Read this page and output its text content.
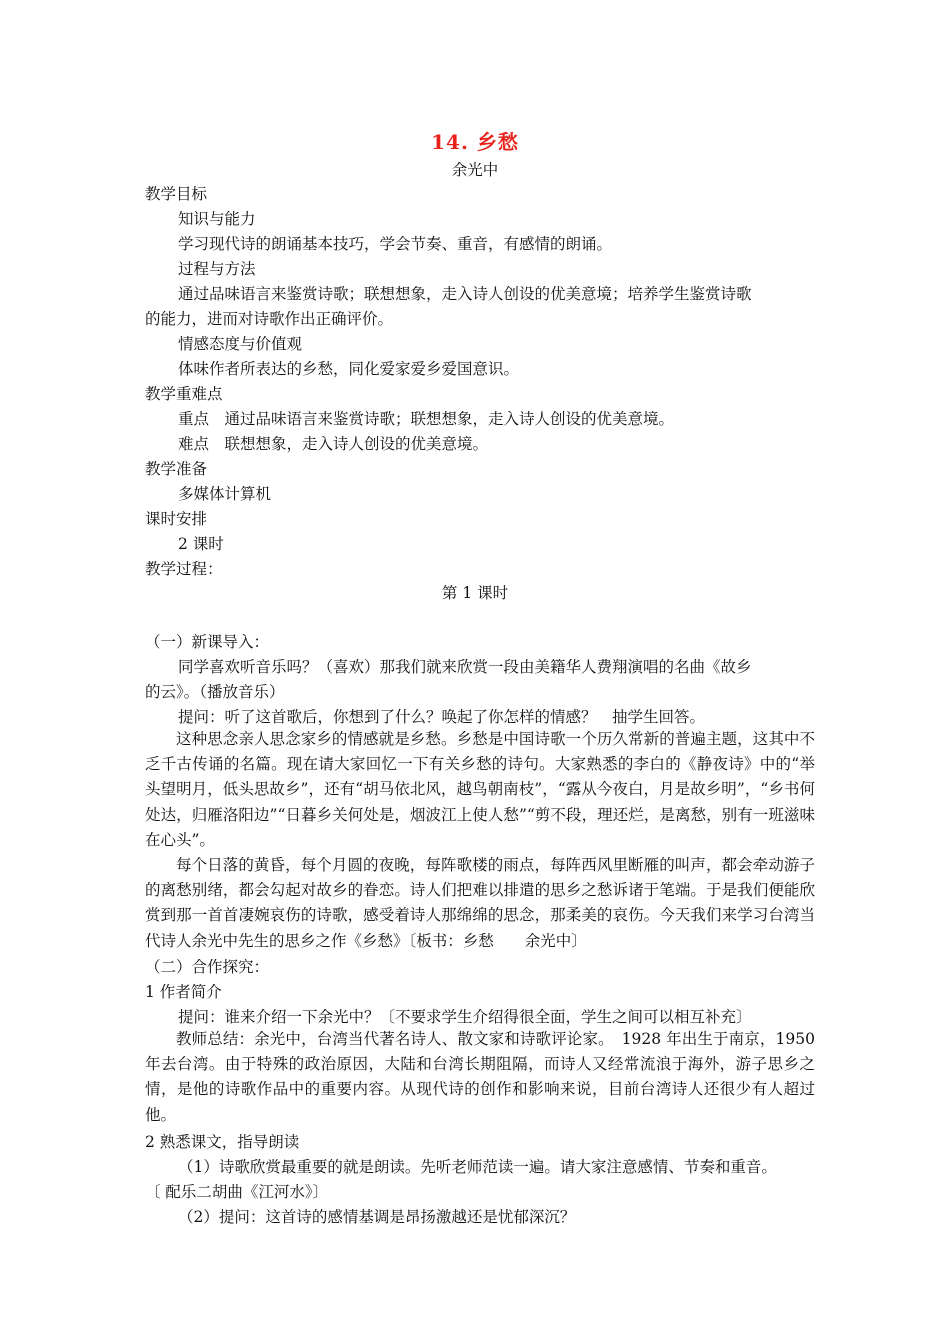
14. 乡愁
余光中
教学目标
知识与能力
学习现代诗的朗诵基本技巧，学会节奏、重音，有感情的朗诵。
过程与方法
通过品味语言来鉴赏诗歌；联想想象，走入诗人创设的优美意境；培养学生鉴赏诗歌
的能力，进而对诗歌作出正确评价。
情感态度与价值观
体味作者所表达的乡愁，同化爱家爱乡爱国意识。
教学重难点
重点　通过品味语言来鉴赏诗歌；联想想象，走入诗人创设的优美意境。
难点　联想想象，走入诗人创设的优美意境。
教学准备
多媒体计算机
课时安排
2 课时
教学过程：
第 1 课时
（一）新课导入：
同学喜欢听音乐吗？（喜欢）那我们就来欣赏一段由美籍华人费翔演唱的名曲《故乡
的云》。（播放音乐）
提问：听了这首歌后，你想到了什么？唤起了你怎样的情感？　抽学生回答。
这种思念亲人思念家乡的情感就是乡愁。乡愁是中国诗歌一个历久常新的普遍主题，这其中不乏千古传诵的名篇。现在请大家回忆一下有关乡愁的诗句。大家熟悉的李白的《静夜诗》中的“举头望明月，低头思故乡”，还有“胡马依北风，越鸟朝南枝”，“露从今夜白，月是故乡明”，“乡书何处达，归雁洛阳边”“日暮乡关何处是，烟波江上使人愁”“剪不段，理还烂，是离愁，别有一班滋味在心头”。
每个日落的黄昏，每个月圆的夜晚，每阵歌楼的雨点，每阵西风里断雁的叫声，都会牵动游子的离愁别绪，都会勾起对故乡的眷恋。诗人们把难以排遣的思乡之愁诉诸于笔端。于是我们便能欣赏到那一首首凄婉哀伤的诗歌，感受着诗人那绵绵的思念，那柔美的哀伤。今天我们来学习台湾当代诗人余光中先生的思乡之作《乡愁》〔板书：乡愁　　余光中〕
（二）合作探究：
1 作者简介
提问：谁来介绍一下余光中？〔不要求学生介绍得很全面，学生之间可以相互补充〕
教师总结：余光中，台湾当代著名诗人、散文家和诗歌评论家。　1928 年出生于南京，1950 年去台湾。由于特殊的政治原因，大陆和台湾长期阻隔，而诗人又经常流浪于海外，游子思乡之情，是他的诗歌作品中的重要内容。从现代诗的创作和影响来说，目前台湾诗人还很少有人超过他。
2 熟悉课文，指导朗读
（1）诗歌欣赏最重要的就是朗读。先听老师范读一遍。请大家注意感情、节奏和重音。
〔 配乐二胡曲《江河水》〕
（2）提问：这首诗的感情基调是昂扬激越还是忧郁深沉？
